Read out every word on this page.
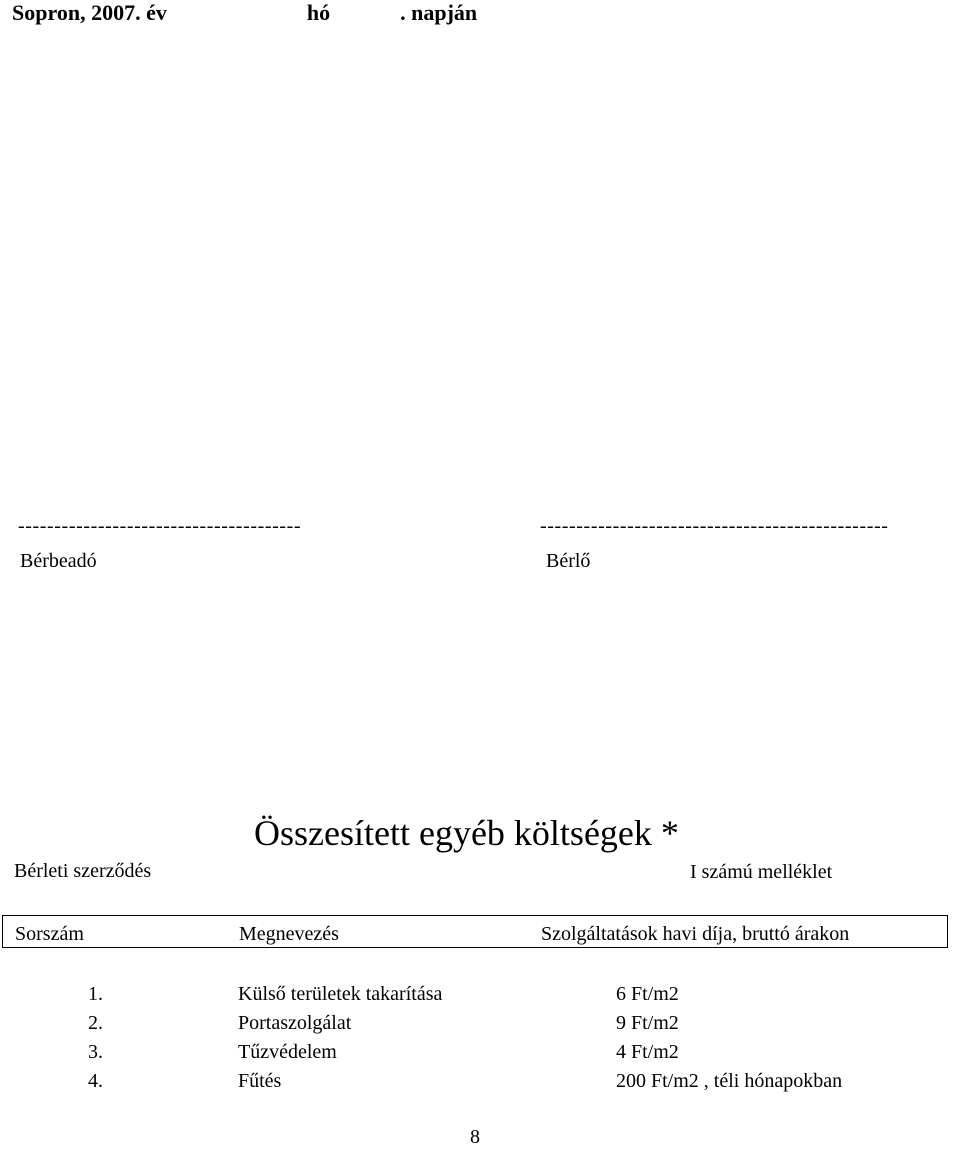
Sopron, 2007. év	hó	. napján
---------------------------------------	------------------------------------------------
Bérbeadó	Bérlő
Összesített egyéb költségek *
Bérleti szerződés	I számú melléklet
Sorszám	Megnevezés	Szolgáltatások havi díja, bruttó árakon
1.	Külső területek takarítása	6 Ft/m2
2.	Portaszolgálat	9 Ft/m2
3.	Tűzvédelem	4 Ft/m2
4.	Fűtés	200 Ft/m2 , téli hónapokban
8
